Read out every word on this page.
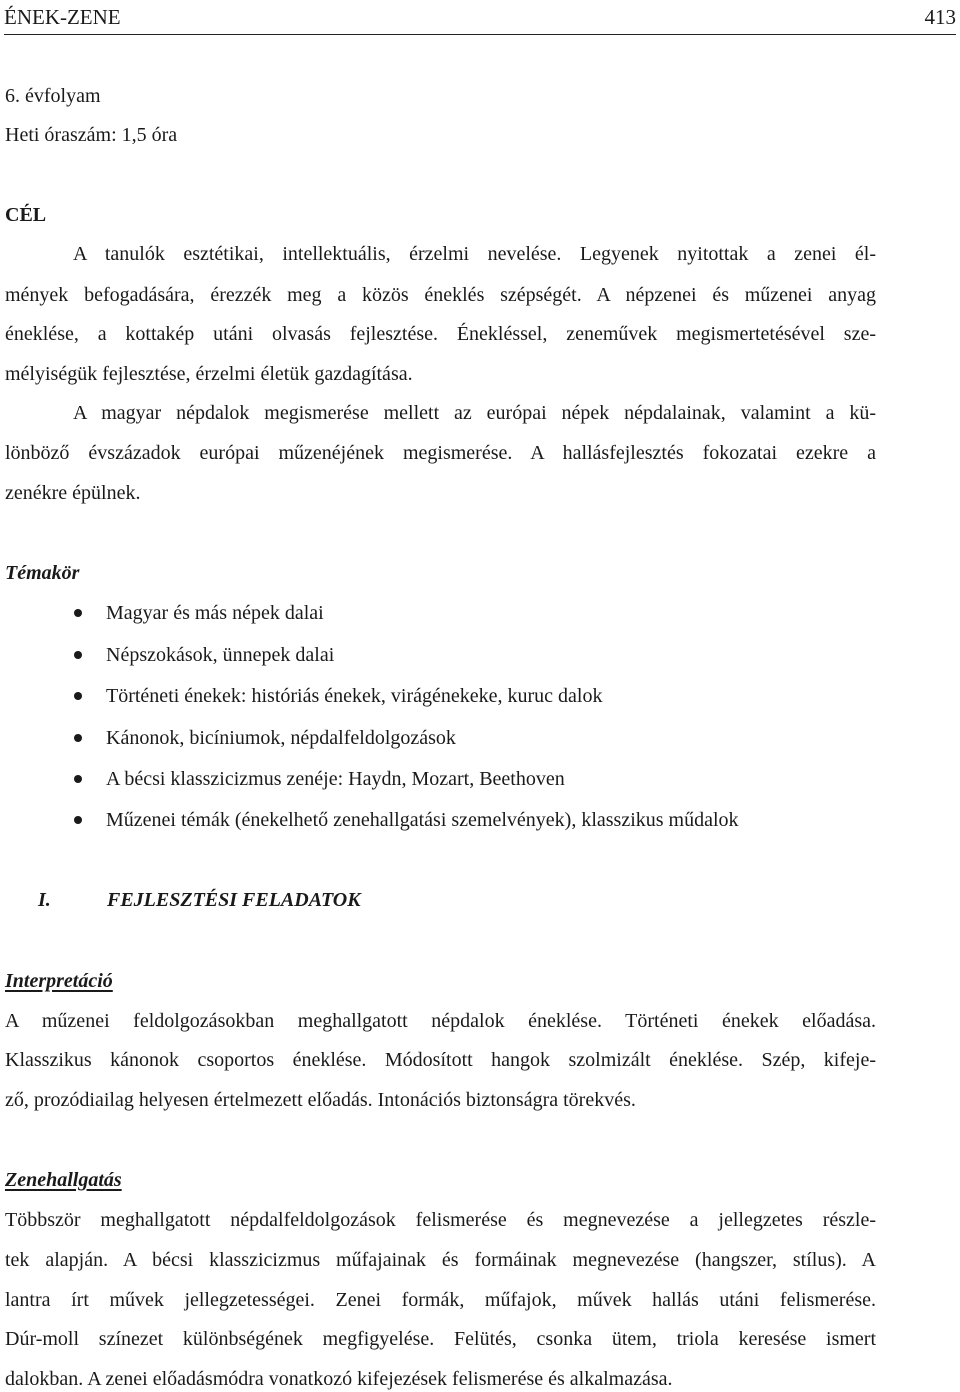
ÉNEK-ZENE	413
6. évfolyam
Heti óraszám: 1,5 óra
CÉL
A tanulók esztétikai, intellektuális, érzelmi nevelése. Legyenek nyitottak a zenei él-
mények befogadására, érezzék meg a közös éneklés szépségét. A népzenei és műzenei anyag
éneklése, a kottakép utáni olvasás fejlesztése. Énekléssel, zeneművek megismertetésével sze-
mélyiségük fejlesztése, érzelmi életük gazdagítása.
A magyar népdalok megismerése mellett az európai népek népdalainak, valamint a kü-
lönböző évszázadok európai műzenéjének megismerése. A hallásfejlesztés fokozatai ezekre a
zenékre épülnek.
Témakör
Magyar és más népek dalai
Népszokások, ünnepek dalai
Történeti énekek: históriás énekek, virágénekeke, kuruc dalok
Kánonok, bicíniumok, népdalfeldolgozások
A bécsi klasszicizmus zenéje: Haydn, Mozart, Beethoven
Műzenei témák (énekelhető zenehallgatási szemelvények), klasszikus műdalok
I.	FEJLESZTÉSI FELADATOK
Interpretáció
A műzenei feldolgozásokban meghallgatott népdalok éneklése. Történeti énekek előadása.
Klasszikus kánonok csoportos éneklése. Módosított hangok szolmizált éneklése. Szép, kifeje-
ző, prozódiailag helyesen értelmezett előadás. Intonációs biztonságra törekvés.
Zenehallgatás
Többször meghallgatott népdalfeldolgozások felismerése és megnevezése a jellegzetes részle-
tek alapján. A bécsi klasszicizmus műfajainak és formáinak megnevezése (hangszer, stílus). A
lantra írt művek jellegzetességei. Zenei formák, műfajok, művek hallás utáni felismerése.
Dúr-moll színezet különbségének megfigyelése. Felütés, csonka ütem, triola keresése ismert
dalokban. A zenei előadásmódra vonatkozó kifejezések felismerése és alkalmazása.
